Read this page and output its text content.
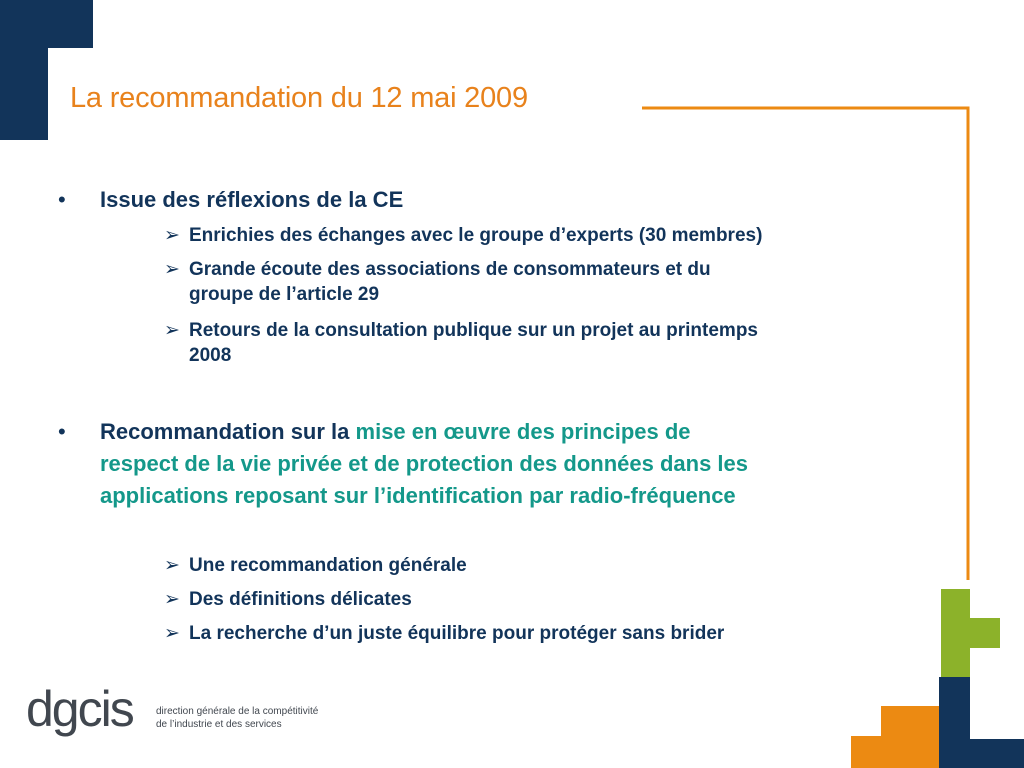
La recommandation du 12 mai 2009
• Issue des réflexions de la CE
➢ Enrichies des échanges avec le groupe d’experts (30 membres)
➢ Grande écoute des associations de consommateurs et du
groupe de l’article 29
➢ Retours de la consultation publique sur un projet au printemps
2008
• Recommandation sur la mise en œuvre des principes de
respect de la vie privée et de protection des données dans les
applications reposant sur l’identification par radio-fréquence
➢ Une recommandation générale
➢ Des définitions délicates
➢ La recherche d’un juste équilibre pour protéger sans brider
dgcis direction générale de la compétitivité
de l’industrie et des services
